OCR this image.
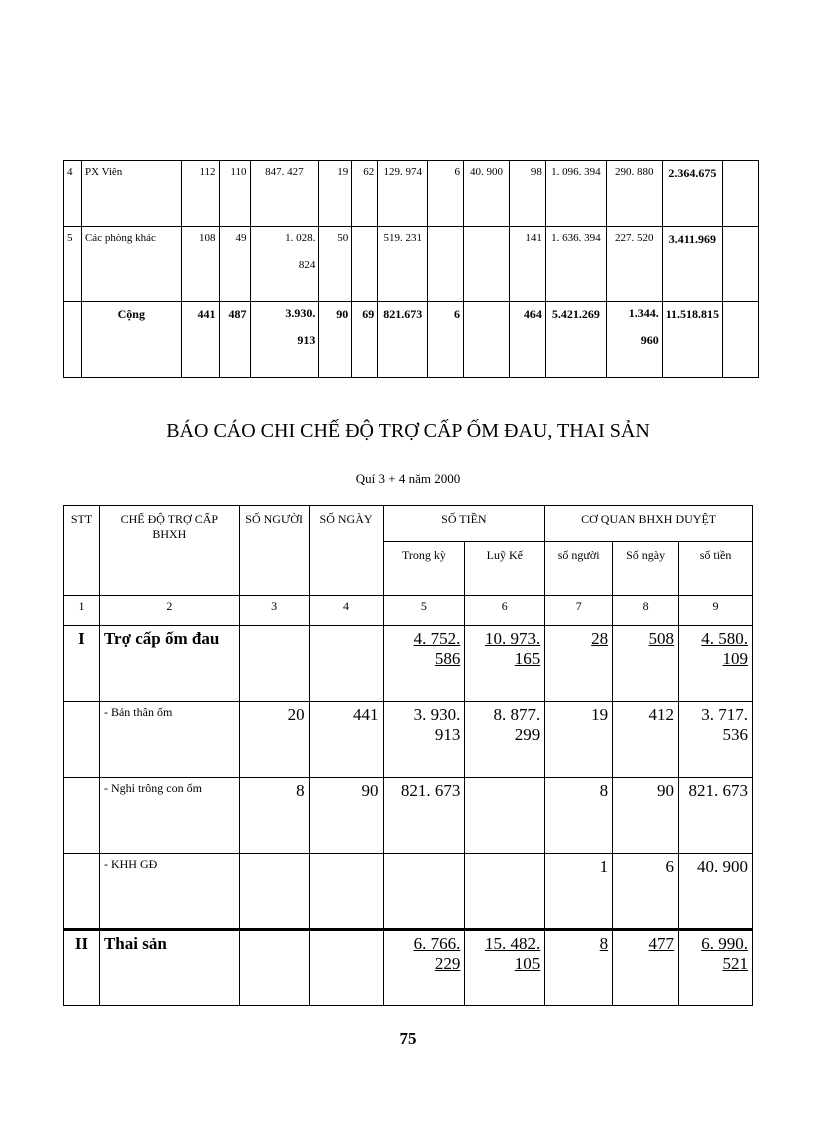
4	PX Viên	112	110	847. 427	19	62	129. 974	6	40. 900	98	1. 096. 394	290. 880	2.364.675	
5	Các phòng khác	108	49	1. 028.
824	50		519. 231			141	1. 636. 394	227. 520	3.411.969	
	Cộng	441	487	3.930.
913	90	69	821.673	6		464	5.421.269	1.344.
960	11.518.815	
BÁO CÁO CHI CHẾ ĐỘ TRỢ CẤP ỐM ĐAU, THAI SẢN
Quí 3 + 4 năm 2000
STT	CHẾ ĐỘ TRỢ CẤP BHXH	SỐ NGƯỜI	SỐ NGÀY	SỐ TIỀN		CƠ QUAN BHXH DUYỆT		
				Trong kỳ	Luỹ Kế	số người	Số ngày	số tiền
1	2	3	4	5	6	7	8	9
I	Trợ cấp ốm đau			4. 752. 586	10. 973. 165	28	508	4. 580. 109
	- Bản thân ốm	20	441	3. 930. 913	8. 877. 299	19	412	3. 717. 536
	- Nghỉ trông con ốm	8	90	821. 673		8	90	821. 673
	- KHH GĐ					1	6	40. 900
II	Thai sản			6. 766. 229	15. 482. 105	8	477	6. 990. 521
75
